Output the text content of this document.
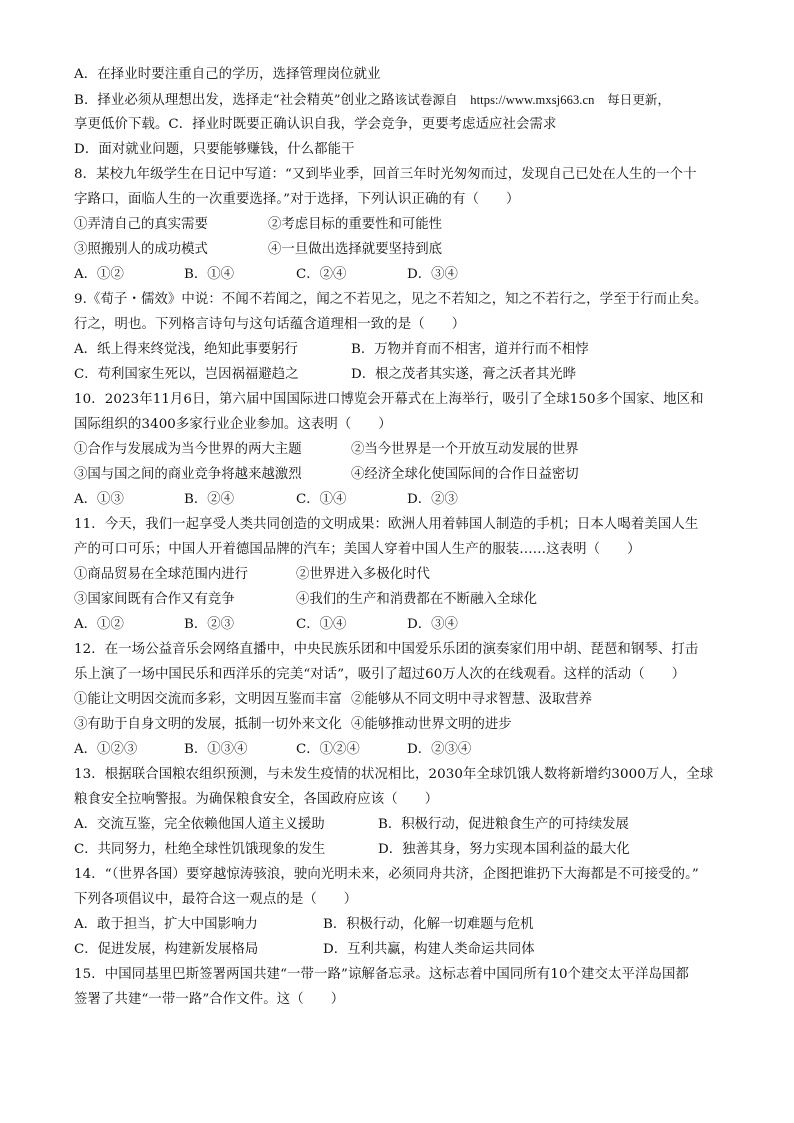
A．在择业时要注重自己的学历，选择管理岗位就业
B．择业必须从理想出发，选择走“社会精英”创业之路该试卷源自　https://www.mxsj663.cn　每日更新，
享更低价下载。C．择业时既要正确认识自我，学会竞争，更要考虑适应社会需求
D．面对就业问题，只要能够赚钱，什么都能干
8．某校九年级学生在日记中写道：“又到毕业季，回首三年时光匆匆而过，发现自己已处在人生的一个十
字路口，面临人生的一次重要选择。”对于选择，下列认识正确的有（　　）
①弄清自己的真实需要	②考虑目标的重要性和可能性
③照搬别人的成功模式	④一旦做出选择就要坚持到底
A．①②	B．①④	C．②④	D．③④
9.《荀子・儒效》中说：不闻不若闻之，闻之不若见之，见之不若知之，知之不若行之，学至于行而止矣。
行之，明也。下列格言诗句与这句话蕴含道理相一致的是（　　）
A．纸上得来终觉浅，绝知此事要躬行	B．万物并育而不相害，道并行而不相悖
C．苟利国家生死以，岂因祸福避趋之	D．根之茂者其实遂，膏之沃者其光晔
10．2023年11月6日，第六届中国国际进口博览会开幕式在上海举行，吸引了全球150多个国家、地区和
国际组织的3400多家行业企业参加。这表明（　　）
①合作与发展成为当今世界的两大主题	②当今世界是一个开放互动发展的世界
③国与国之间的商业竞争将越来越激烈	④经济全球化使国际间的合作日益密切
A．①③	B．②④	C．①④	D．②③
11．今天，我们一起享受人类共同创造的文明成果：欧洲人用着韩国人制造的手机；日本人喝着美国人生
产的可口可乐；中国人开着德国品牌的汽车；美国人穿着中国人生产的服装……这表明（　　）
①商品贸易在全球范围内进行	②世界进入多极化时代
③国家间既有合作又有竞争	④我们的生产和消费都在不断融入全球化
A．①②	B．②③	C．①④	D．③④
12．在一场公益音乐会网络直播中，中央民族乐团和中国爱乐乐团的演奏家们用中胡、琵琶和钢琴、打击
乐上演了一场中国民乐和西洋乐的完美“对话”，吸引了超过60万人次的在线观看。这样的活动（　　）
①能让文明因交流而多彩，文明因互鉴而丰富 ②能够从不同文明中寻求智慧、汲取营养
③有助于自身文明的发展，抵制一切外来文化 ④能够推动世界文明的进步
A．①②③	B．①③④	C．①②④	D．②③④
13．根据联合国粮农组织预测，与未发生疫情的状况相比，2030年全球饥饿人数将新增约3000万人，全球
粮食安全拉响警报。为确保粮食安全，各国政府应该（　　）
A．交流互鉴，完全依赖他国人道主义援助	B．积极行动，促进粮食生产的可持续发展
C．共同努力，杜绝全球性饥饿现象的发生	D．独善其身，努力实现本国利益的最大化
14．“（世界各国）要穿越惊涛骇浪，驶向光明未来，必须同舟共济，企图把谁扔下大海都是不可接受的。”
下列各项倡议中，最符合这一观点的是（　　）
A．敢于担当，扩大中国影响力	B．积极行动，化解一切难题与危机
C．促进发展，构建新发展格局	D．互利共赢，构建人类命运共同体
15．中国同基里巴斯签署两国共建“一带一路”谅解备忘录。这标志着中国同所有10个建交太平洋岛国都
签署了共建“一带一路”合作文件。这（　　）
